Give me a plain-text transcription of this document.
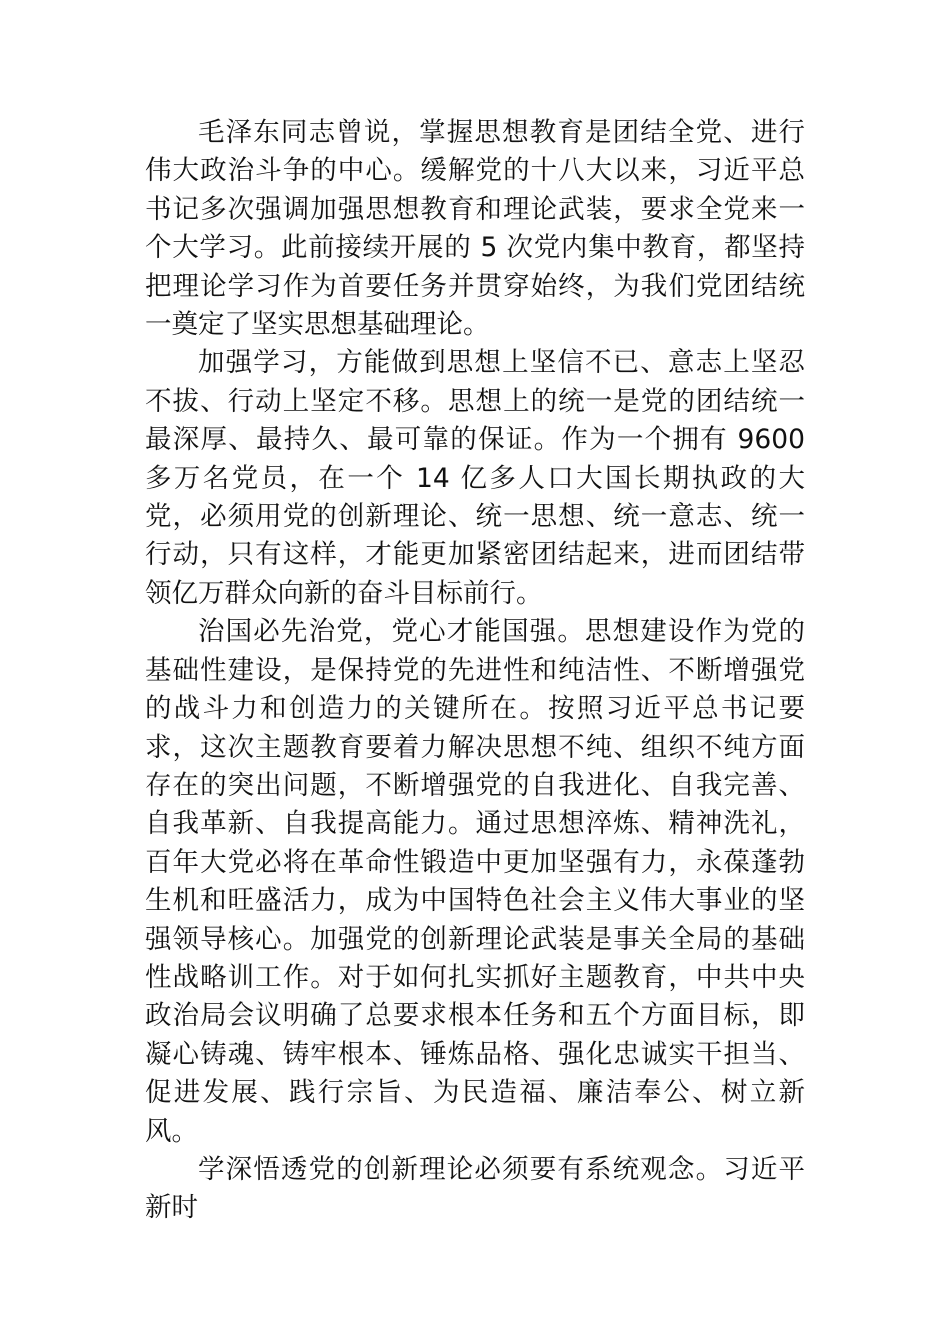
毛泽东同志曾说，掌握思想教育是团结全党、进行伟大政治斗争的中心。缓解党的十八大以来，习近平总书记多次强调加强思想教育和理论武装，要求全党来一个大学习。此前接续开展的 5 次党内集中教育，都坚持把理论学习作为首要任务并贯穿始终，为我们党团结统一奠定了坚实思想基础理论。

加强学习，方能做到思想上坚信不已、意志上坚忍不拔、行动上坚定不移。思想上的统一是党的团结统一最深厚、最持久、最可靠的保证。作为一个拥有 9600 多万名党员，在一个 14 亿多人口大国长期执政的大党，必须用党的创新理论、统一思想、统一意志、统一行动，只有这样，才能更加紧密团结起来，进而团结带领亿万群众向新的奋斗目标前行。

治国必先治党，党心才能国强。思想建设作为党的基础性建设，是保持党的先进性和纯洁性、不断增强党的战斗力和创造力的关键所在。按照习近平总书记要求，这次主题教育要着力解决思想不纯、组织不纯方面存在的突出问题，不断增强党的自我进化、自我完善、自我革新、自我提高能力。通过思想淬炼、精神洗礼，百年大党必将在革命性锻造中更加坚强有力，永葆蓬勃生机和旺盛活力，成为中国特色社会主义伟大事业的坚强领导核心。加强党的创新理论武装是事关全局的基础性战略训工作。对于如何扎实抓好主题教育，中共中央政治局会议明确了总要求根本任务和五个方面目标，即凝心铸魂、铸牢根本、锤炼品格、强化忠诚实干担当、促进发展、践行宗旨、为民造福、廉洁奉公、树立新风。

学深悟透党的创新理论必须要有系统观念。习近平新时
